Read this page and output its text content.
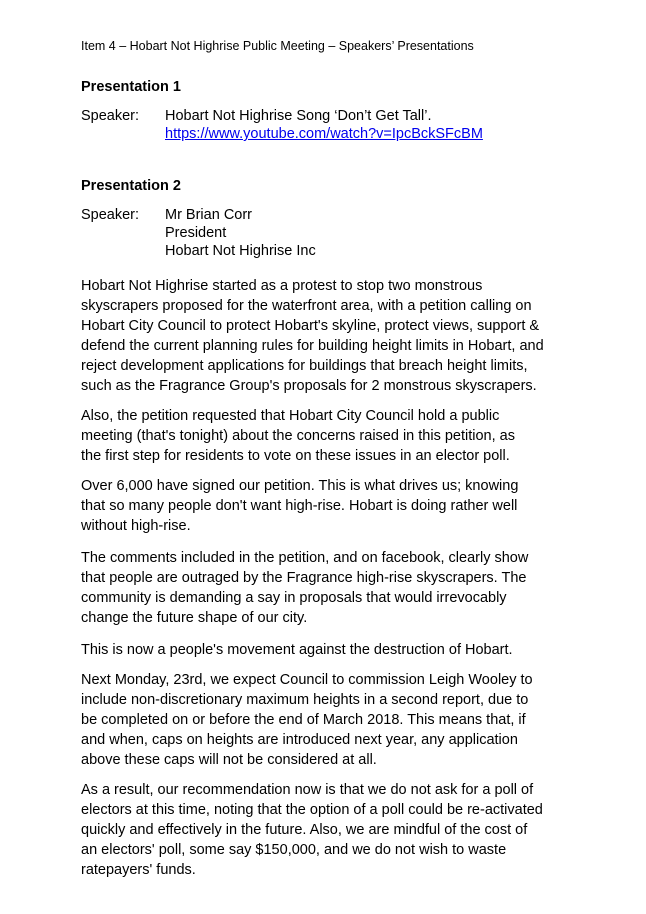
Item 4 – Hobart Not Highrise Public Meeting – Speakers’ Presentations
Presentation 1
Speaker: Hobart Not Highrise Song ‘Don’t Get Tall’.
https://www.youtube.com/watch?v=IpcBckSFcBM
Presentation 2
Speaker: Mr Brian Corr
President
Hobart Not Highrise Inc
Hobart Not Highrise started as a protest to stop two monstrous
skyscrapers proposed for the waterfront area, with a petition calling on
Hobart City Council to protect Hobart's skyline, protect views, support &
defend the current planning rules for building height limits in Hobart, and
reject development applications for buildings that breach height limits,
such as the Fragrance Group's proposals for 2 monstrous skyscrapers.
Also, the petition requested that Hobart City Council hold a public
meeting (that's tonight) about the concerns raised in this petition, as
the first step for residents to vote on these issues in an elector poll.
Over 6,000 have signed our petition. This is what drives us; knowing
that so many people don't want high-rise. Hobart is doing rather well
without high-rise.
The comments included in the petition, and on facebook, clearly show
that people are outraged by the Fragrance high-rise skyscrapers. The
community is demanding a say in proposals that would irrevocably
change the future shape of our city.
This is now a people's movement against the destruction of Hobart.
Next Monday, 23rd, we expect Council to commission Leigh Wooley to
include non-discretionary maximum heights in a second report, due to
be completed on or before the end of March 2018. This means that, if
and when, caps on heights are introduced next year, any application
above these caps will not be considered at all.
As a result, our recommendation now is that we do not ask for a poll of
electors at this time, noting that the option of a poll could be re-activated
quickly and effectively in the future. Also, we are mindful of the cost of
an electors' poll, some say $150,000, and we do not wish to waste
ratepayers' funds.
